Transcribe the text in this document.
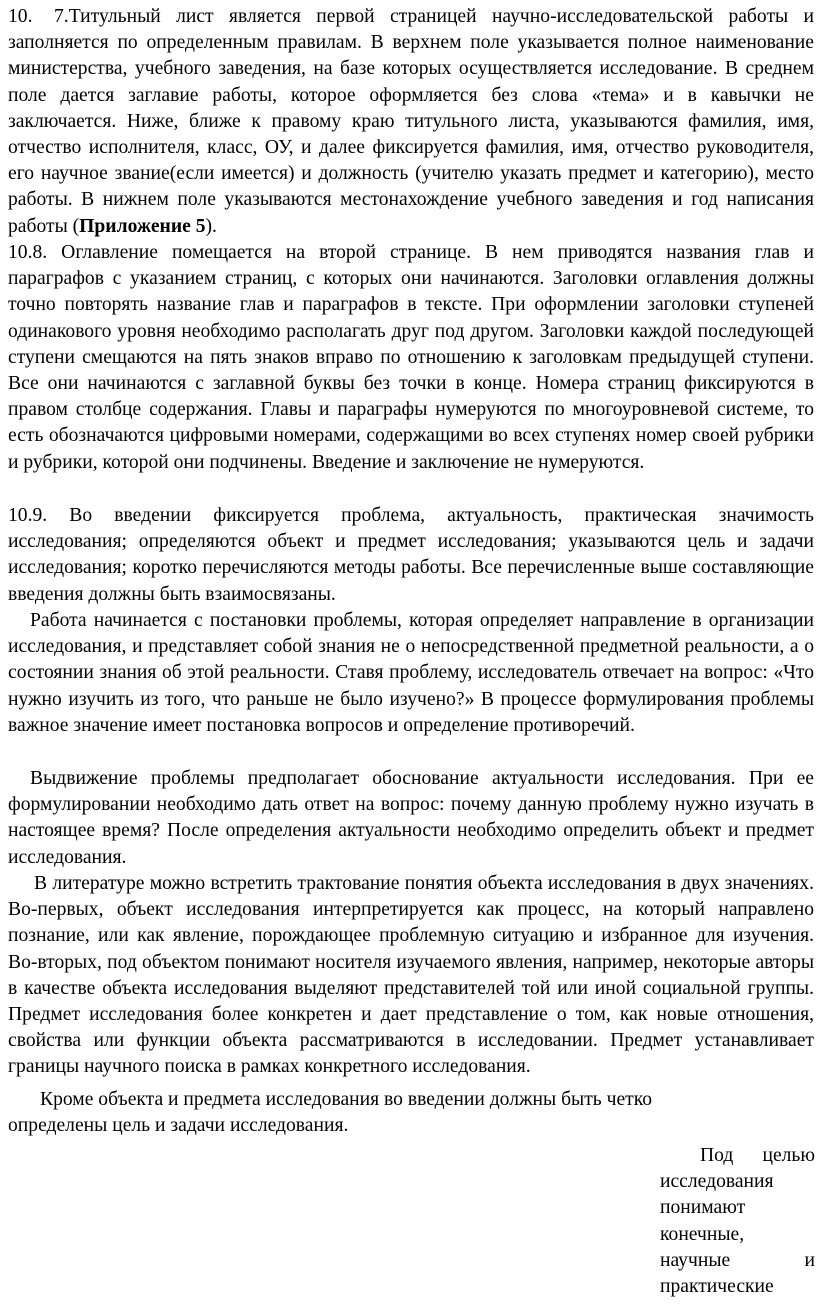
10. 7.Титульный лист является первой страницей научно-исследовательской работы и заполняется по определенным правилам. В верхнем поле указывается полное наименование министерства, учебного заведения, на базе которых осуществляется исследование. В среднем поле дается заглавие работы, которое оформляется без слова «тема» и в кавычки не заключается. Ниже, ближе к правому краю титульного листа, указываются фамилия, имя, отчество исполнителя, класс, ОУ, и далее фиксируется фамилия, имя, отчество руководителя, его научное звание(если имеется) и должность (учителю указать предмет и категорию), место работы. В нижнем поле указываются местонахождение учебного заведения и год написания работы (Приложение 5).

10.8. Оглавление помещается на второй странице. В нем приводятся названия глав и параграфов с указанием страниц, с которых они начинаются. Заголовки оглавления должны точно повторять название глав и параграфов в тексте. При оформлении заголовки ступеней одинакового уровня необходимо располагать друг под другом. Заголовки каждой последующей ступени смещаются на пять знаков вправо по отношению к заголовкам предыдущей ступени. Все они начинаются с заглавной буквы без точки в конце. Номера страниц фиксируются в правом столбце содержания. Главы и параграфы нумеруются по многоуровневой системе, то есть обозначаются цифровыми номерами, содержащими во всех ступенях номер своей рубрики и рубрики, которой они подчинены. Введение и заключение не нумеруются.

10.9. Во введении фиксируется проблема, актуальность, практическая значимость исследования; определяются объект и предмет исследования; указываются цель и задачи исследования; коротко перечисляются методы работы. Все перечисленные выше составляющие введения должны быть взаимосвязаны.

Работа начинается с постановки проблемы, которая определяет направление в организации исследования, и представляет собой знания не о непосредственной предметной реальности, а о состоянии знания об этой реальности. Ставя проблему, исследователь отвечает на вопрос: «Что нужно изучить из того, что раньше не было изучено?» В процессе формулирования проблемы важное значение имеет постановка вопросов и определение противоречий.

Выдвижение проблемы предполагает обоснование актуальности исследования. При ее формулировании необходимо дать ответ на вопрос: почему данную проблему нужно изучать в настоящее время? После определения актуальности необходимо определить объект и предмет исследования.

В литературе можно встретить трактование понятия объекта исследования в двух значениях. Во-первых, объект исследования интерпретируется как процесс, на который направлено познание, или как явление, порождающее проблемную ситуацию и избранное для изучения. Во-вторых, под объектом понимают носителя изучаемого явления, например, некоторые авторы в качестве объекта исследования выделяют представителей той или иной социальной группы. Предмет исследования более конкретен и дает представление о том, как новые отношения, свойства или функции объекта рассматриваются в исследовании. Предмет устанавливает границы научного поиска в рамках конкретного исследования.

Кроме объекта и предмета исследования во введении должны быть четко
определены цель и задачи исследования.
Под целью
исследования
понимают
конечные,
научные и
практические
